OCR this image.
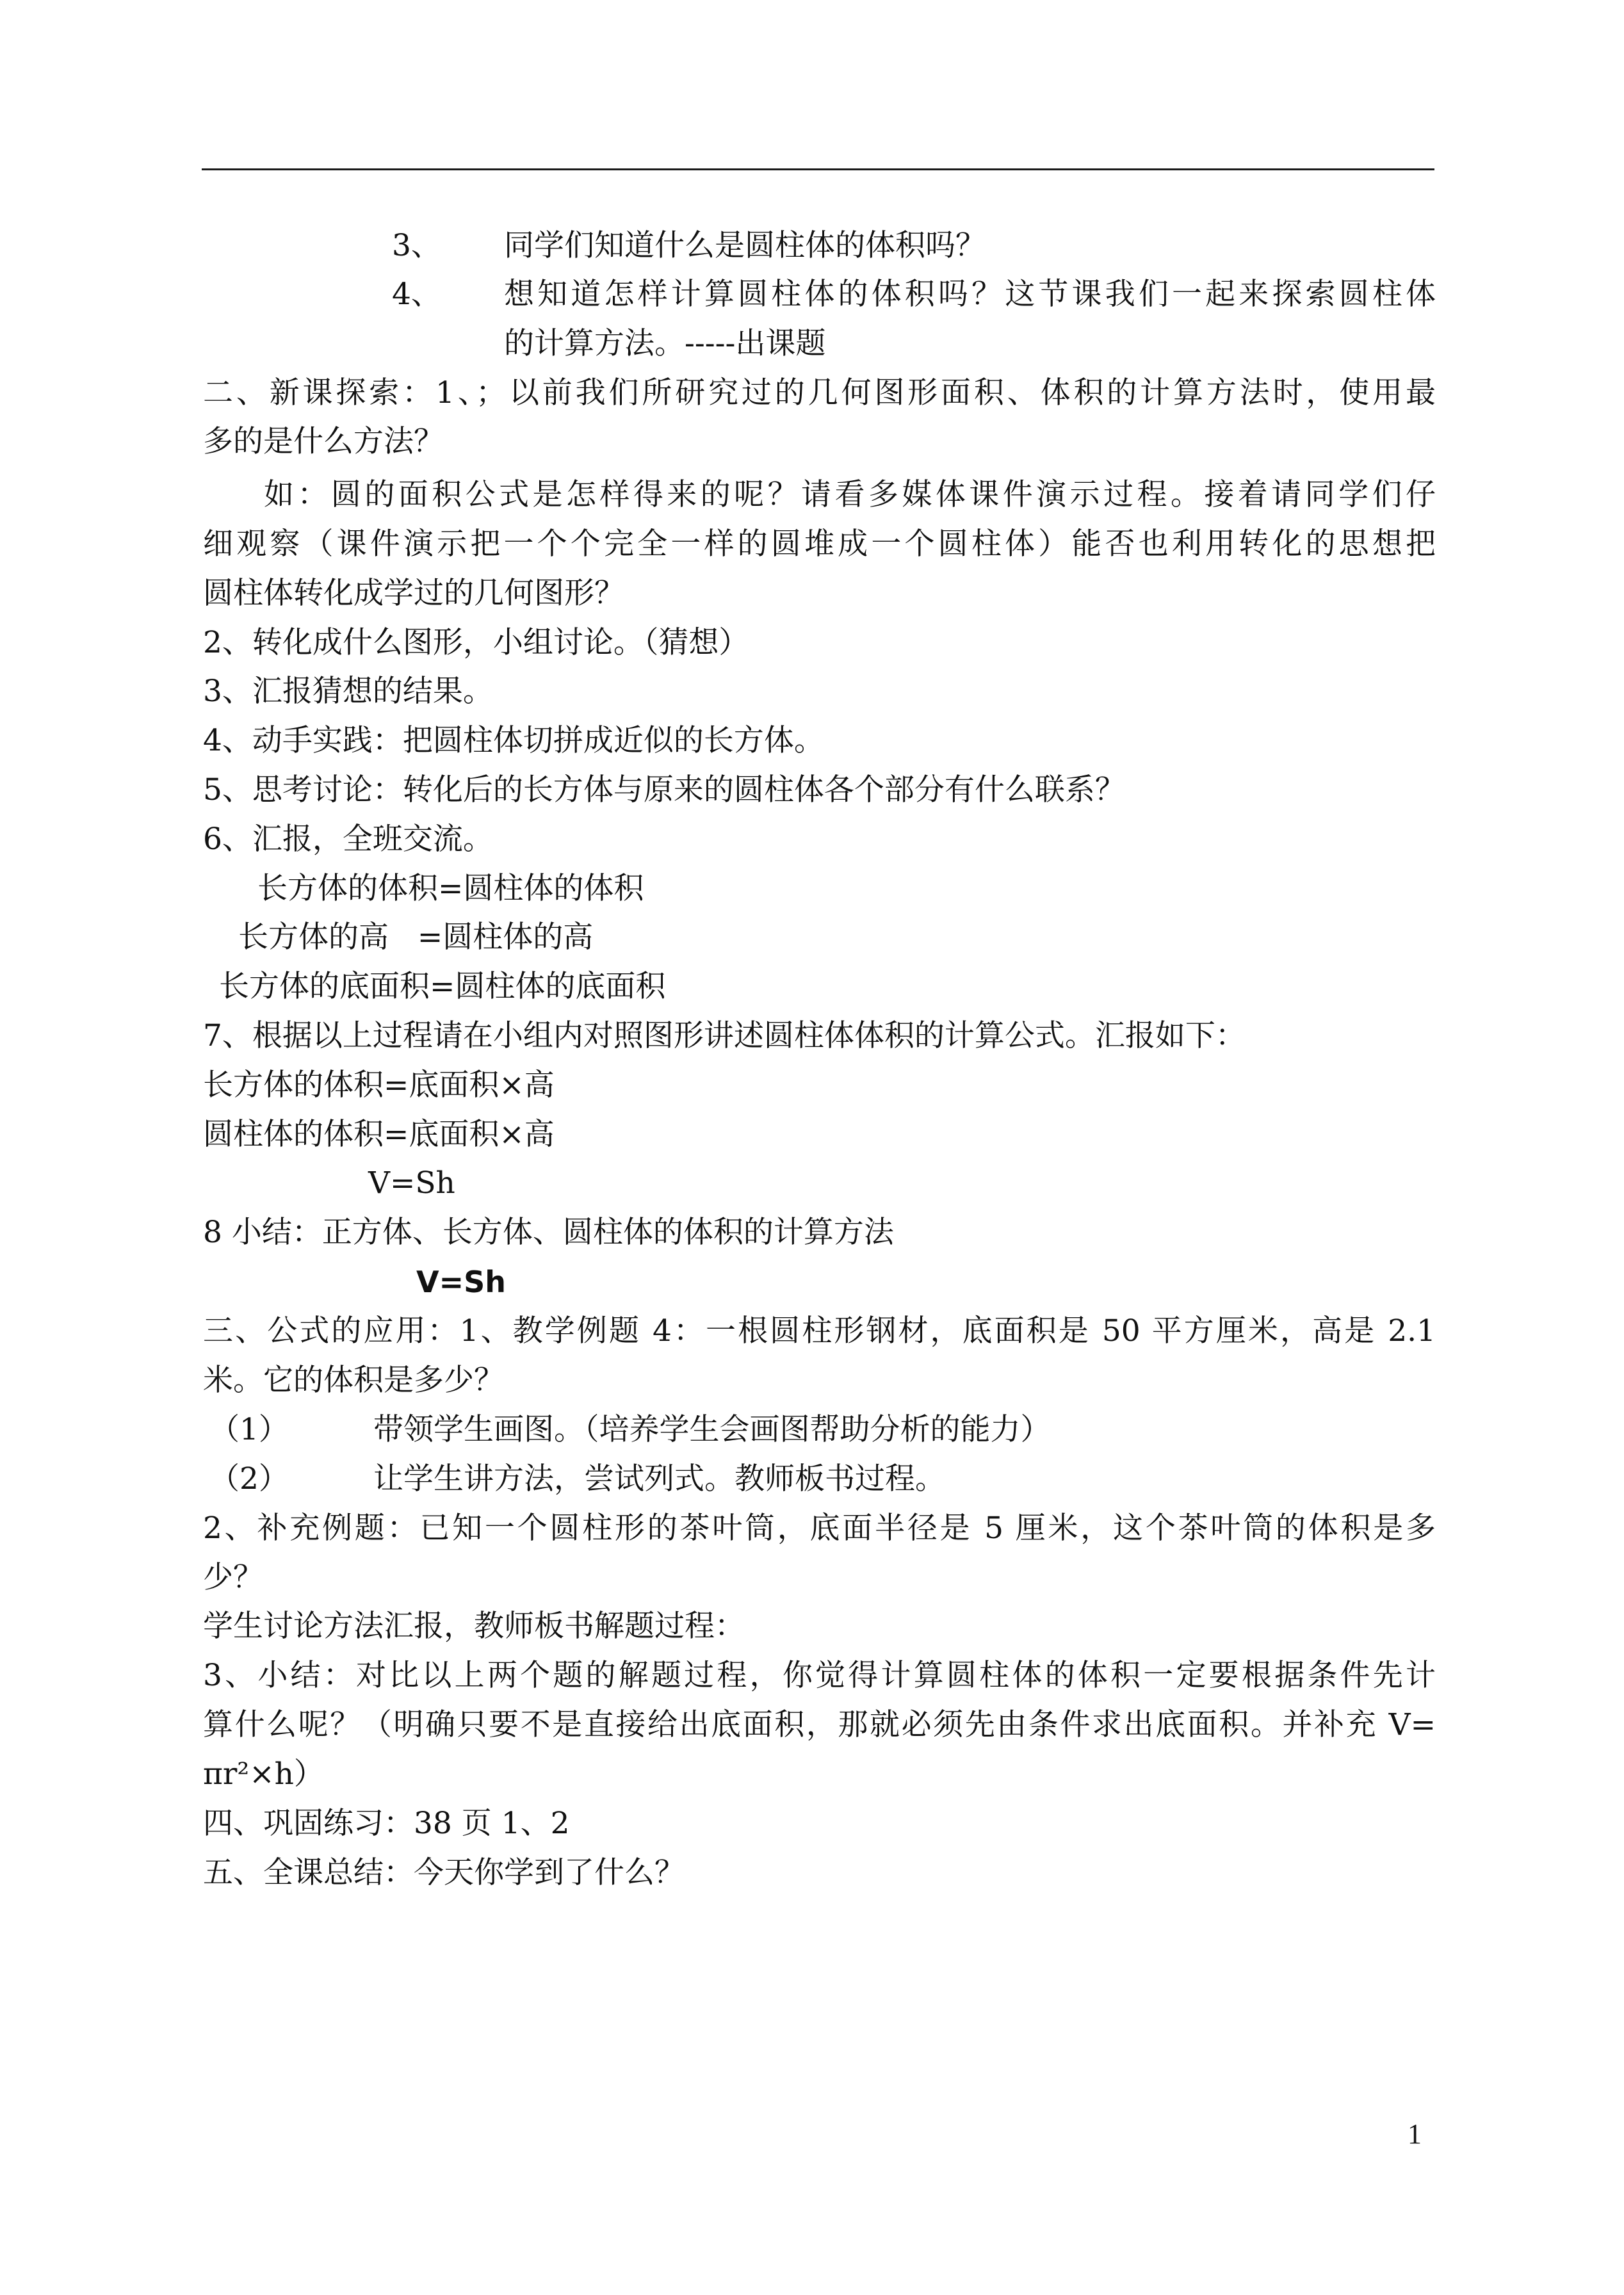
3、 同学们知道什么是圆柱体的体积吗？
4、 想知道怎样计算圆柱体的体积吗？这节课我们一起来探索圆柱体
的计算方法。-----出课题
二、新课探索：1、；以前我们所研究过的几何图形面积、体积的计算方法时，使用最
多的是什么方法？
如：圆的面积公式是怎样得来的呢？请看多媒体课件演示过程。接着请同学们仔
细观察（课件演示把一个个完全一样的圆堆成一个圆柱体）能否也利用转化的思想把
圆柱体转化成学过的几何图形？
2、转化成什么图形，小组讨论。（猜想）
3、汇报猜想的结果。
4、动手实践：把圆柱体切拼成近似的长方体。
5、思考讨论：转化后的长方体与原来的圆柱体各个部分有什么联系？
6、汇报，全班交流。
长方体的体积=圆柱体的体积
长方体的高   =圆柱体的高
长方体的底面积=圆柱体的底面积
7、根据以上过程请在小组内对照图形讲述圆柱体体积的计算公式。汇报如下：
长方体的体积=底面积×高
圆柱体的体积=底面积×高
V=Sh
8 小结：正方体、长方体、圆柱体的体积的计算方法
V=Sh
三、公式的应用：1、教学例题 4：一根圆柱形钢材，底面积是 50 平方厘米，高是 2.1
米。它的体积是多少？
（1）	带领学生画图。（培养学生会画图帮助分析的能力）
（2）	让学生讲方法，尝试列式。教师板书过程。
2、补充例题：已知一个圆柱形的茶叶筒，底面半径是 5 厘米，这个茶叶筒的体积是多
少？
学生讨论方法汇报，教师板书解题过程：
3、小结：对比以上两个题的解题过程，你觉得计算圆柱体的体积一定要根据条件先计
算什么呢？（明确只要不是直接给出底面积，那就必须先由条件求出底面积。并补充 V=
πr²×h）
四、巩固练习：38 页 1、2
五、全课总结：今天你学到了什么？
1
